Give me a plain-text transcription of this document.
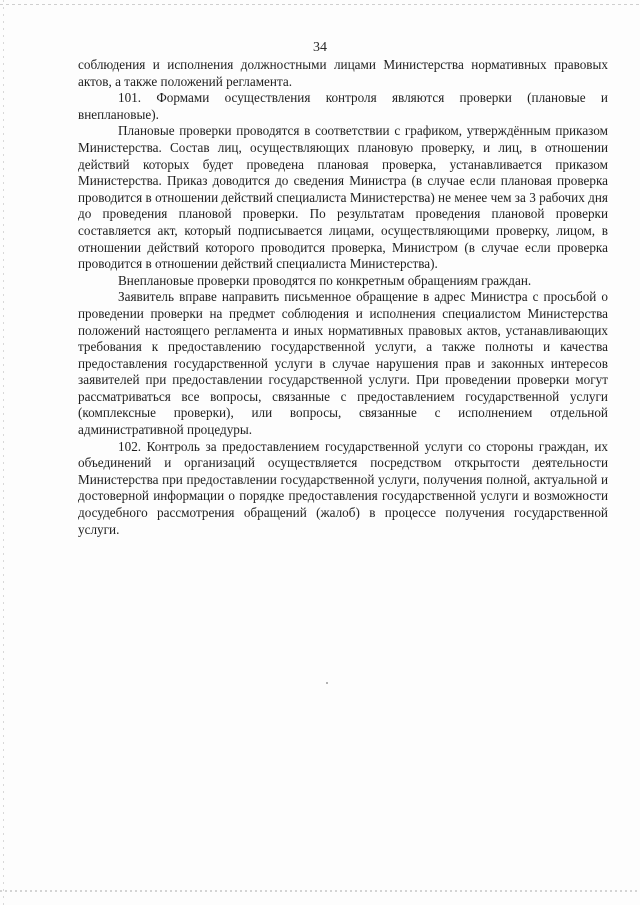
34

соблюдения и исполнения должностными лицами Министерства нормативных правовых актов, а также положений регламента.

101. Формами осуществления контроля являются проверки (плановые и внеплановые).

Плановые проверки проводятся в соответствии с графиком, утверждённым приказом Министерства. Состав лиц, осуществляющих плановую проверку, и лиц, в отношении действий которых будет проведена плановая проверка, устанавливается приказом Министерства. Приказ доводится до сведения Министра (в случае если плановая проверка проводится в отношении действий специалиста Министерства) не менее чем за 3 рабочих дня до проведения плановой проверки. По результатам проведения плановой проверки составляется акт, который подписывается лицами, осуществляющими проверку, лицом, в отношении действий которого проводится проверка, Министром (в случае если проверка проводится в отношении действий специалиста Министерства).

Внеплановые проверки проводятся по конкретным обращениям граждан.

Заявитель вправе направить письменное обращение в адрес Министра с просьбой о проведении проверки на предмет соблюдения и исполнения специалистом Министерства положений настоящего регламента и иных нормативных правовых актов, устанавливающих требования к предоставлению государственной услуги, а также полноты и качества предоставления государственной услуги в случае нарушения прав и законных интересов заявителей при предоставлении государственной услуги. При проведении проверки могут рассматриваться все вопросы, связанные с предоставлением государственной услуги (комплексные проверки), или вопросы, связанные с исполнением отдельной административной процедуры.

102. Контроль за предоставлением государственной услуги со стороны граждан, их объединений и организаций осуществляется посредством открытости деятельности Министерства при предоставлении государственной услуги, получения полной, актуальной и достоверной информации о порядке предоставления государственной услуги и возможности досудебного рассмотрения обращений (жалоб) в процессе получения государственной услуги.
